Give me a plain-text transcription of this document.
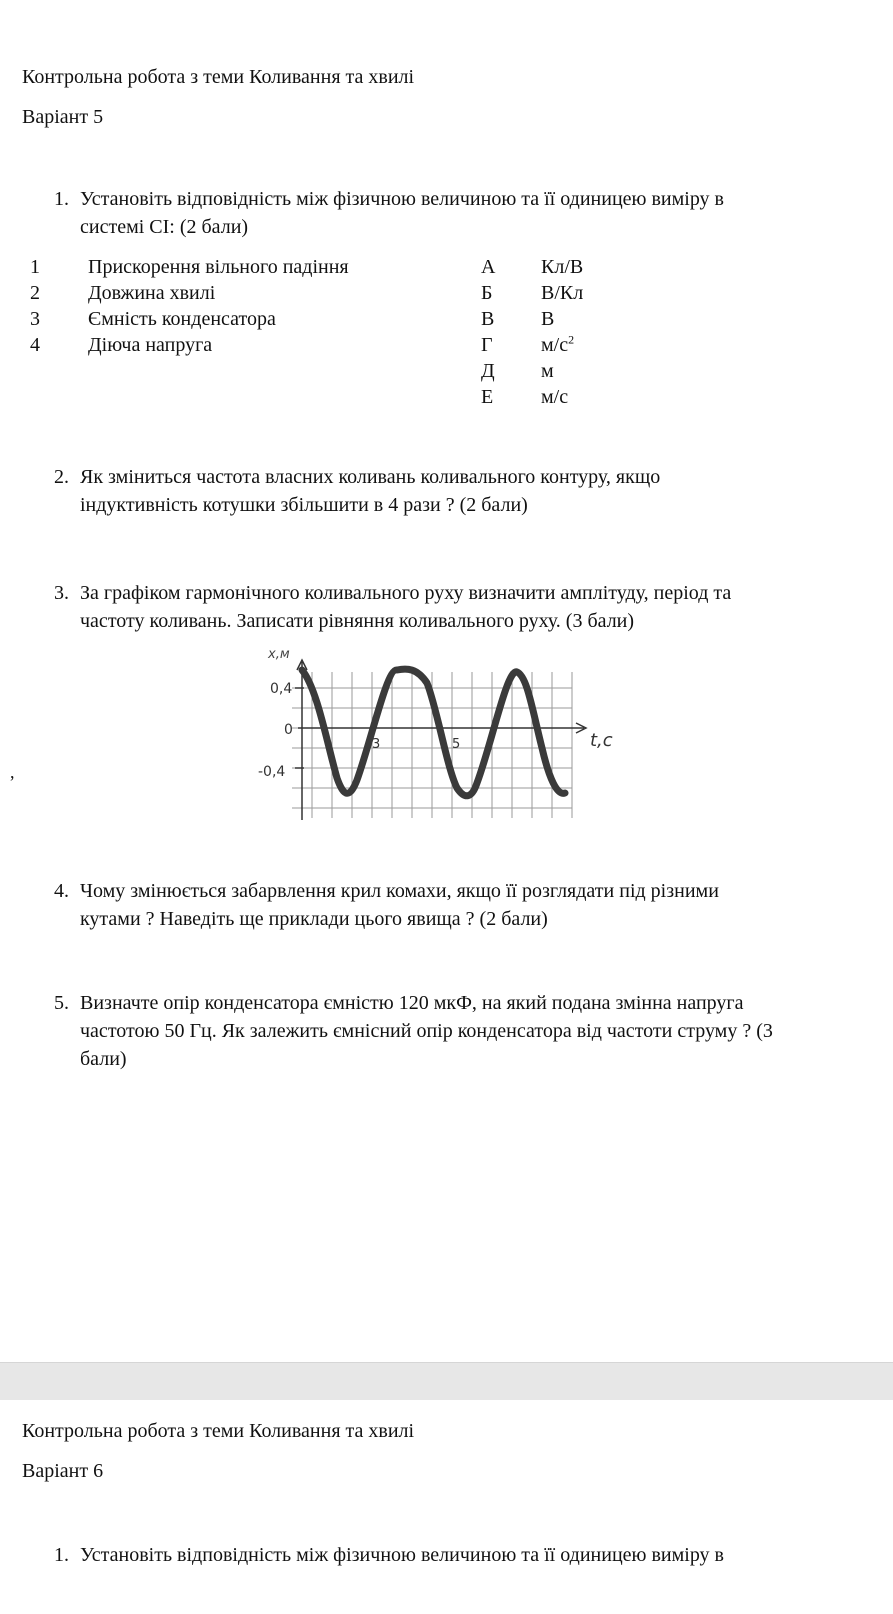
Контрольна робота з теми Коливання та хвилі
Варіант 5
1. Установіть відповідність між фізичною величиною та її одиницею виміру в
системі СІ: (2 бали)
1 Прискорення вільного падіння
2 Довжина хвилі
3 Ємність конденсатора
4 Діюча напруга
А Кл/В
Б В/Кл
В В
Г $м/с^2$
Д м
Е м/с
2. Як зміниться частота власних коливань коливального контуру, якщо
індуктивність котушки збільшити в 4 рази ? (2 бали)
3. За графіком гармонічного коливального руху визначити амплітуду, період та
частоту коливань. Записати рівняння коливального руху. (3 бали)
x,м
0,4
0
-0,4
3	5	t,c
,
4. Чому змінюється забарвлення крил комахи, якщо її розглядати під різними
кутами ? Наведіть ще приклади цього явища ? (2 бали)
5. Визначте опір конденсатора ємністю 120 мкФ, на який подана змінна напруга
частотою 50 Гц. Як залежить ємнісний опір конденсатора від частоти струму ? (3
бали)
Контрольна робота з теми Коливання та хвилі
Варіант 6
1. Установіть відповідність між фізичною величиною та її одиницею виміру в
